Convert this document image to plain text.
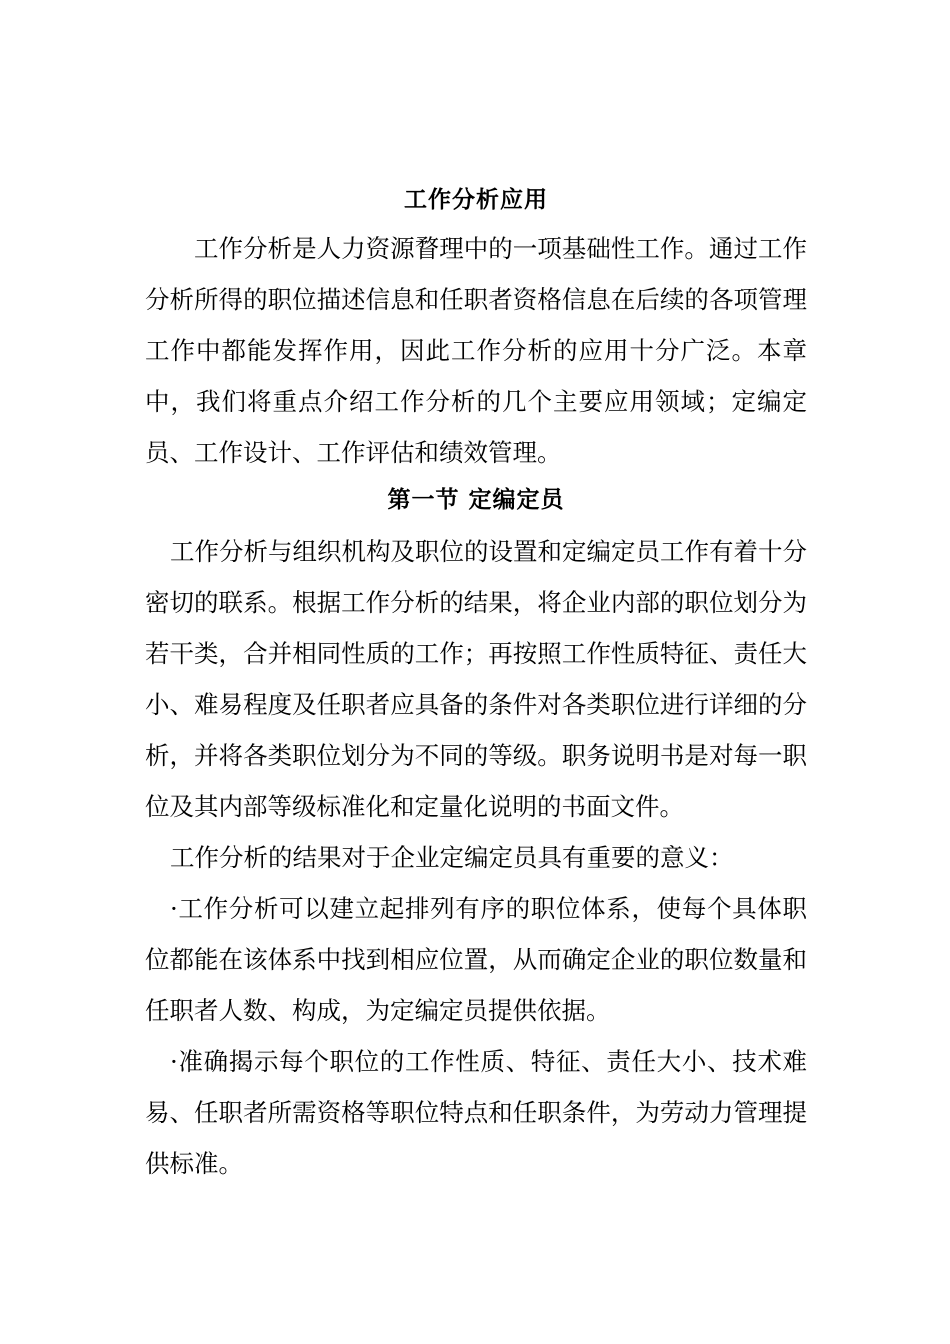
工作分析应用

工作分析是人力资源瞀理中的一项基础性工作。通过工作分析所得的职位描述信息和任职者资格信息在后续的各项管理工作中都能发挥作用，因此工作分析的应用十分广泛。本章中，我们将重点介绍工作分析的几个主要应用领域；定编定员、工作设计、工作评估和绩效管理。

第一节 定编定员

工作分析与组织机构及职位的设置和定编定员工作有着十分密切的联系。根据工作分析的结果，将企业内部的职位划分为若干类，合并相同性质的工作；再按照工作性质特征、责任大小、难易程度及任职者应具备的条件对各类职位进行详细的分析，并将各类职位划分为不同的等级。职务说明书是对每一职位及其内部等级标准化和定量化说明的书面文件。

工作分析的结果对于企业定编定员具有重要的意义：

·工作分析可以建立起排列有序的职位体系，使每个具体职位都能在该体系中找到相应位置，从而确定企业的职位数量和任职者人数、构成，为定编定员提供依据。

·准确揭示每个职位的工作性质、特征、责任大小、技术难易、任职者所需资格等职位特点和任职条件，为劳动力管理提供标准。
